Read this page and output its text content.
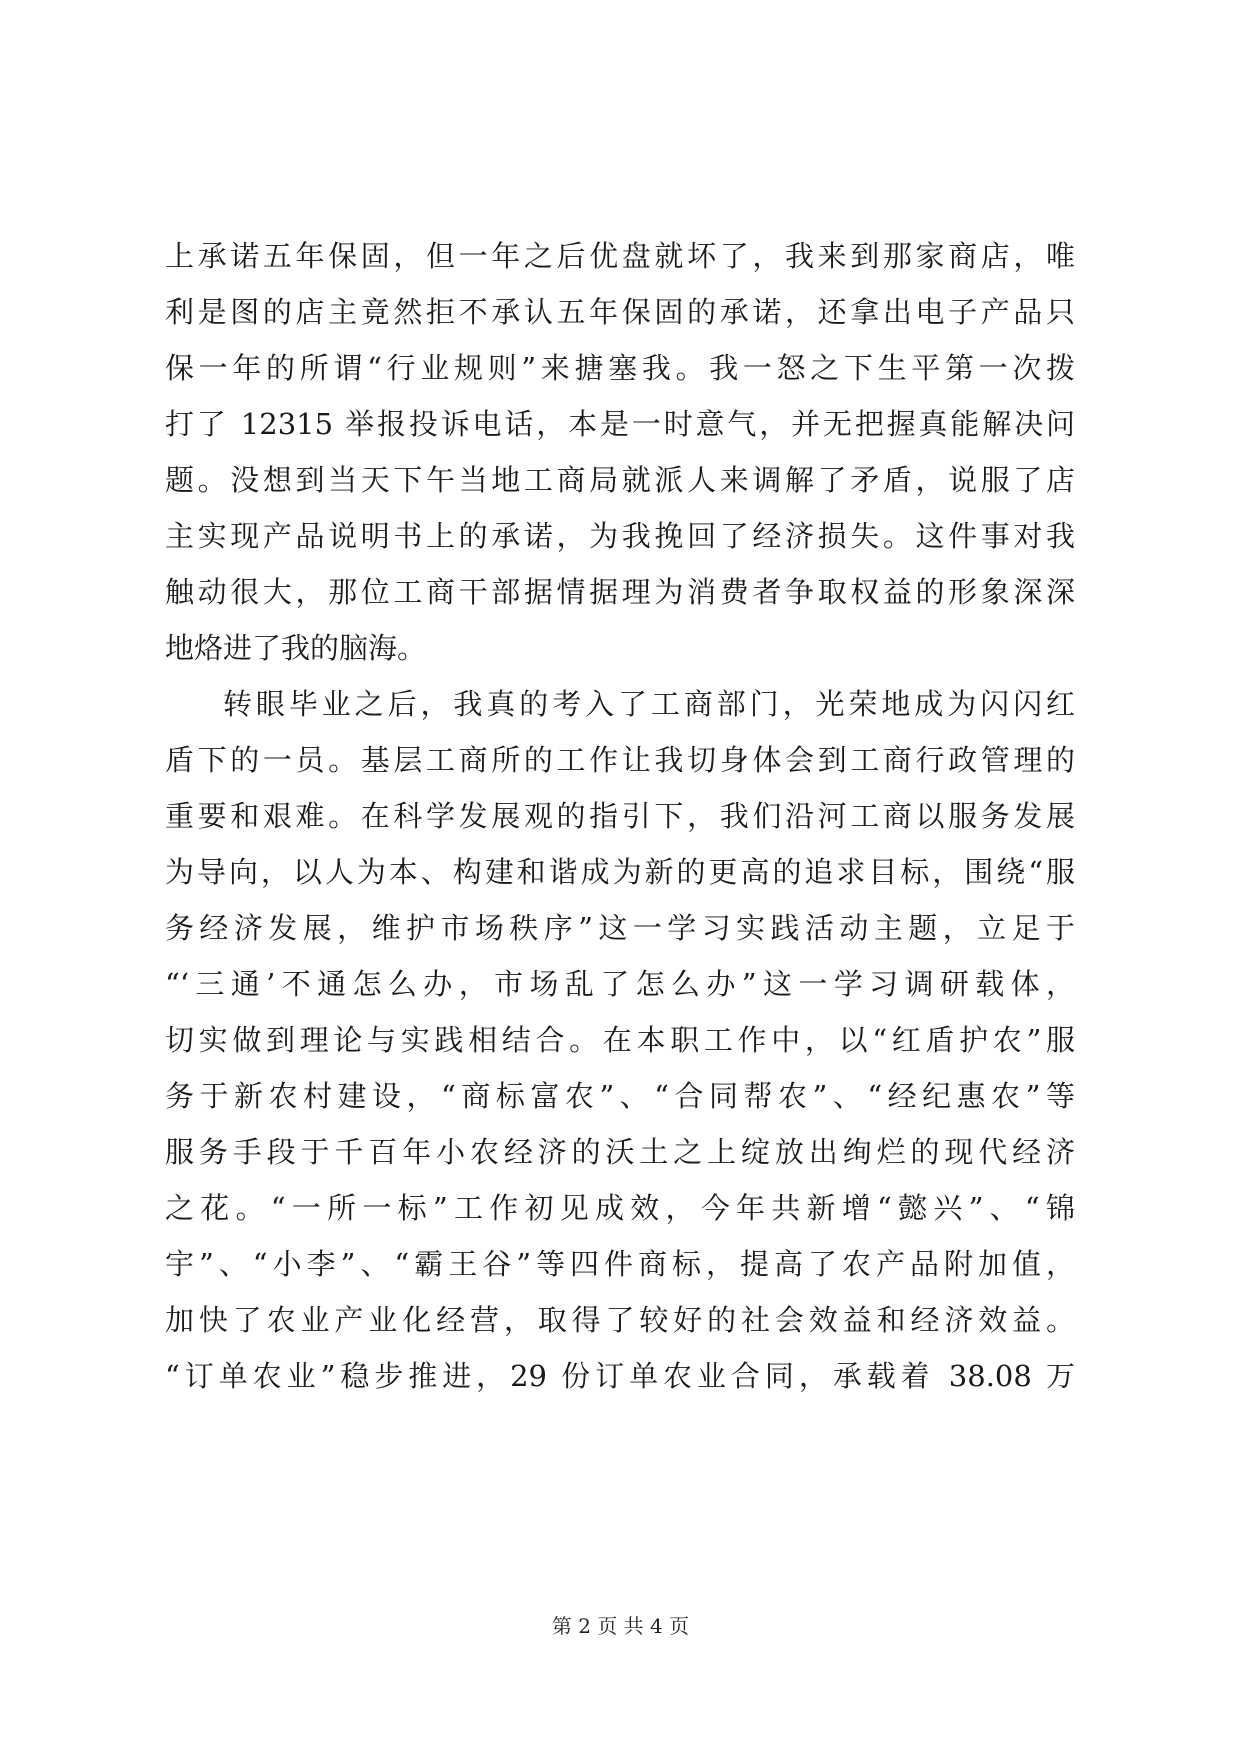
上承诺五年保固，但一年之后优盘就坏了，我来到那家商店，唯
利是图的店主竟然拒不承认五年保固的承诺，还拿出电子产品只
保一年的所谓“行业规则”来搪塞我。我一怒之下生平第一次拨
打了 12315 举报投诉电话，本是一时意气，并无把握真能解决问
题。没想到当天下午当地工商局就派人来调解了矛盾，说服了店
主实现产品说明书上的承诺，为我挽回了经济损失。这件事对我
触动很大，那位工商干部据情据理为消费者争取权益的形象深深
地烙进了我的脑海。
转眼毕业之后，我真的考入了工商部门，光荣地成为闪闪红
盾下的一员。基层工商所的工作让我切身体会到工商行政管理的
重要和艰难。在科学发展观的指引下，我们沿河工商以服务发展
为导向，以人为本、构建和谐成为新的更高的追求目标，围绕“服
务经济发展，维护市场秩序”这一学习实践活动主题，立足于
“‘三通’不通怎么办，市场乱了怎么办”这一学习调研载体，
切实做到理论与实践相结合。在本职工作中，以“红盾护农”服
务于新农村建设，“商标富农”、“合同帮农”、“经纪惠农”等
服务手段于千百年小农经济的沃土之上绽放出绚烂的现代经济
之花。“一所一标”工作初见成效，今年共新增“懿兴”、“锦
宇”、“小李”、“霸王谷”等四件商标，提高了农产品附加值，
加快了农业产业化经营，取得了较好的社会效益和经济效益。
“订单农业”稳步推进，29 份订单农业合同，承载着 38.08 万
第 2 页 共 4 页
